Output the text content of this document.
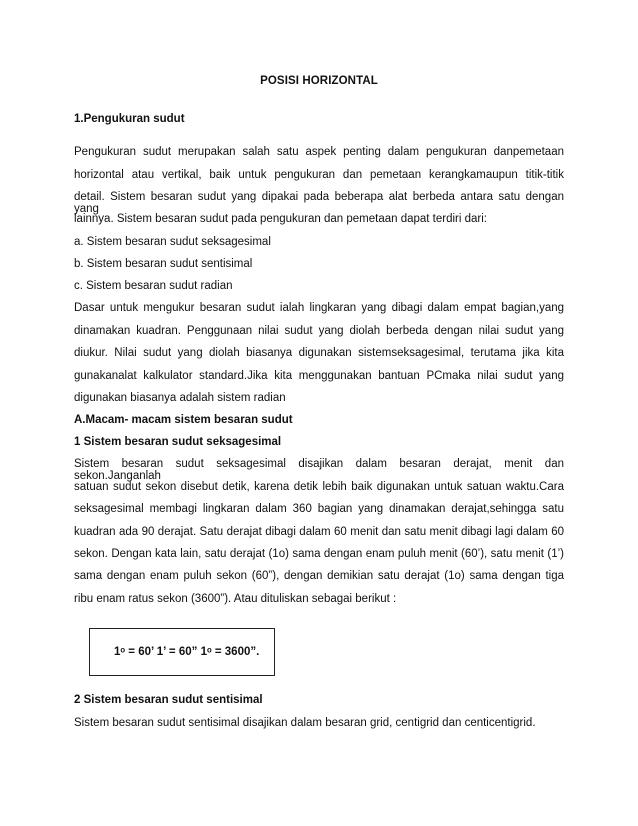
POSISI HORIZONTAL
1.Pengukuran sudut
Pengukuran sudut merupakan salah satu aspek penting dalam pengukuran danpemetaan
horizontal atau vertikal, baik untuk pengukuran dan pemetaan kerangkamaupun titik-titik
detail. Sistem besaran sudut yang dipakai pada beberapa alat berbeda antara satu dengan yang
lainnya. Sistem besaran sudut pada pengukuran dan pemetaan dapat terdiri dari:
a. Sistem besaran sudut seksagesimal
b. Sistem besaran sudut sentisimal
c. Sistem besaran sudut radian
Dasar untuk mengukur besaran sudut ialah lingkaran yang dibagi dalam empat bagian,yang
dinamakan kuadran. Penggunaan nilai sudut yang diolah berbeda dengan nilai sudut yang
diukur. Nilai sudut yang diolah biasanya digunakan sistemseksagesimal, terutama jika kita
gunakanalat kalkulator standard.Jika kita menggunakan bantuan PCmaka nilai sudut yang
digunakan biasanya adalah sistem radian
A.Macam- macam sistem besaran sudut
1 Sistem besaran sudut seksagesimal
Sistem besaran sudut seksagesimal disajikan dalam besaran derajat, menit dan sekon.Janganlah
satuan sudut sekon disebut detik, karena detik lebih baik digunakan untuk satuan waktu.Cara
seksagesimal membagi lingkaran dalam 360 bagian yang dinamakan derajat,sehingga satu
kuadran ada 90 derajat. Satu derajat dibagi dalam 60 menit dan satu menit dibagi lagi dalam 60
sekon. Dengan kata lain, satu derajat (1o) sama dengan enam puluh menit (60’), satu menit (1’)
sama dengan enam puluh sekon (60”), dengan demikian satu derajat (1o) sama dengan tiga
ribu enam ratus sekon (3600”). Atau dituliskan sebagai berikut :
1ᵒ = 60’ 1’ = 60” 1ᵒ = 3600”.
2 Sistem besaran sudut sentisimal
Sistem besaran sudut sentisimal disajikan dalam besaran grid, centigrid dan centicentigrid.
